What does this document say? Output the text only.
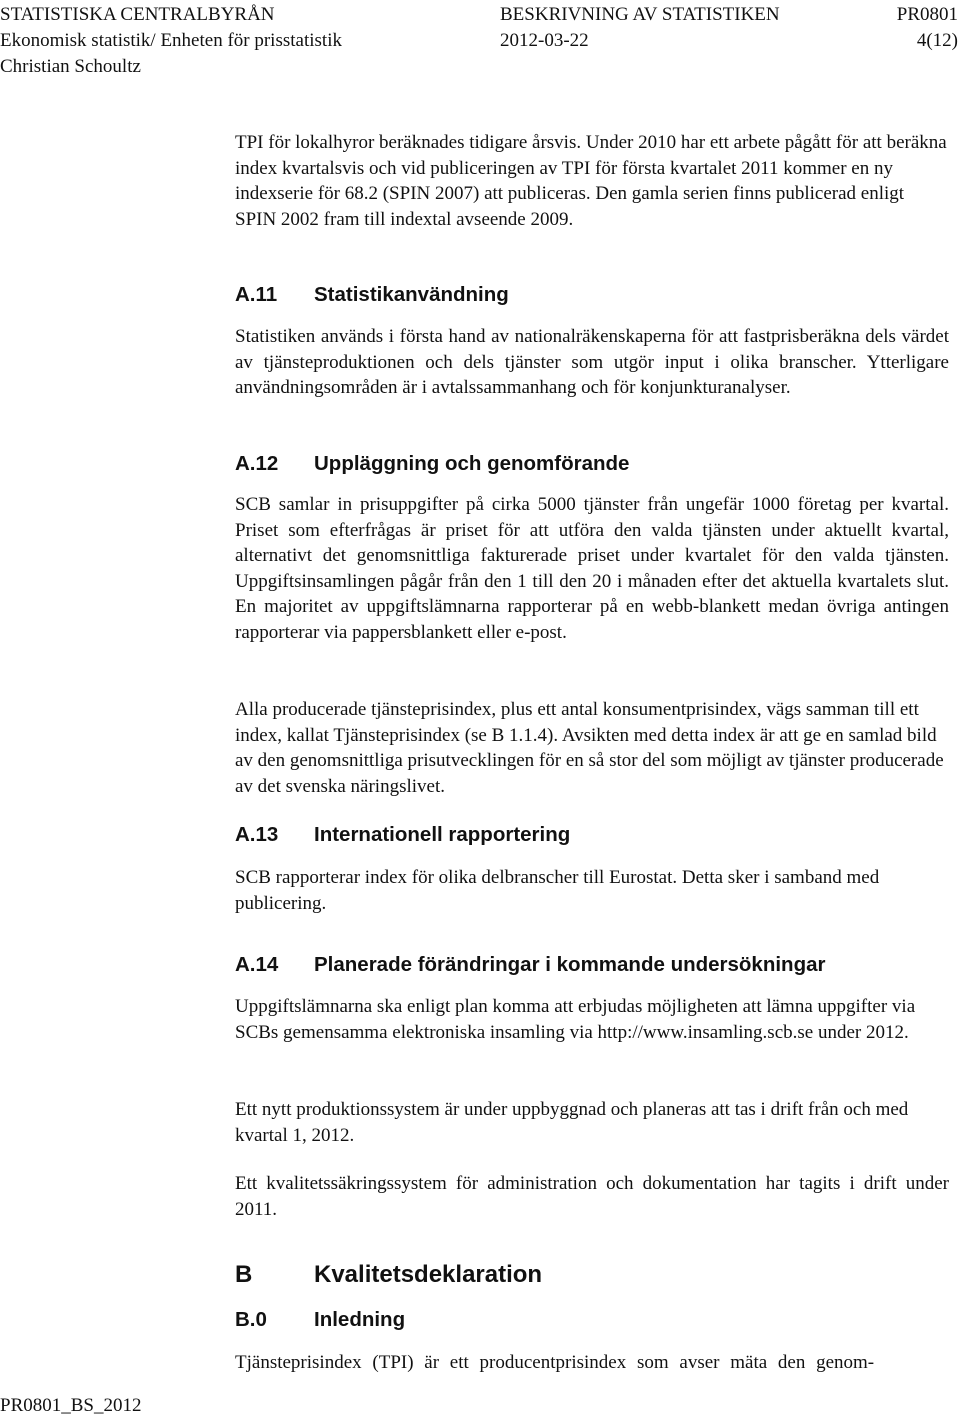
STATISTISKA CENTRALBYRÅN	BESKRIVNING AV STATISTIKEN	PR0801
Ekonomisk statistik/ Enheten för prisstatistik	2012-03-22	4(12)
Christian Schoultz

TPI för lokalhyror beräknades tidigare årsvis. Under 2010 har ett arbete pågått för att beräkna index kvartalsvis och vid publiceringen av TPI för första kvartalet 2011 kommer en ny indexserie för 68.2 (SPIN 2007) att publiceras. Den gamla serien finns publicerad enligt SPIN 2002 fram till indextal avseende 2009.

A.11 Statistikanvändning

Statistiken används i första hand av nationalräkenskaperna för att fastprisberäkna dels värdet av tjänsteproduktionen och dels tjänster som utgör input i olika branscher. Ytterligare användningsområden är i avtalssammanhang och för konjunkturanalyser.

A.12 Uppläggning och genomförande

SCB samlar in prisuppgifter på cirka 5000 tjänster från ungefär 1000 företag per kvartal. Priset som efterfrågas är priset för att utföra den valda tjänsten under aktuellt kvartal, alternativt det genomsnittliga fakturerade priset under kvartalet för den valda tjänsten. Uppgiftsinsamlingen pågår från den 1 till den 20 i månaden efter det aktuella kvartalets slut. En majoritet av uppgiftslämnarna rapporterar på en webb-blankett medan övriga antingen rapporterar via pappersblankett eller e-post.

Alla producerade tjänsteprisindex, plus ett antal konsumentprisindex, vägs samman till ett index, kallat Tjänsteprisindex (se B 1.1.4). Avsikten med detta index är att ge en samlad bild av den genomsnittliga prisutvecklingen för en så stor del som möjligt av tjänster producerade av det svenska näringslivet.

A.13 Internationell rapportering

SCB rapporterar index för olika delbranscher till Eurostat. Detta sker i samband med publicering.

A.14 Planerade förändringar i kommande undersökningar

Uppgiftslämnarna ska enligt plan komma att erbjudas möjligheten att lämna uppgifter via SCBs gemensamma elektroniska insamling via http://www.insamling.scb.se under 2012.

Ett nytt produktionssystem är under uppbyggnad och planeras att tas i drift från och med kvartal 1, 2012.

Ett kvalitetssäkringssystem för administration och dokumentation har tagits i drift under 2011.

B	Kvalitetsdeklaration
B.0 Inledning

Tjänsteprisindex (TPI) är ett producentprisindex som avser mäta den genom-

PR0801_BS_2012
